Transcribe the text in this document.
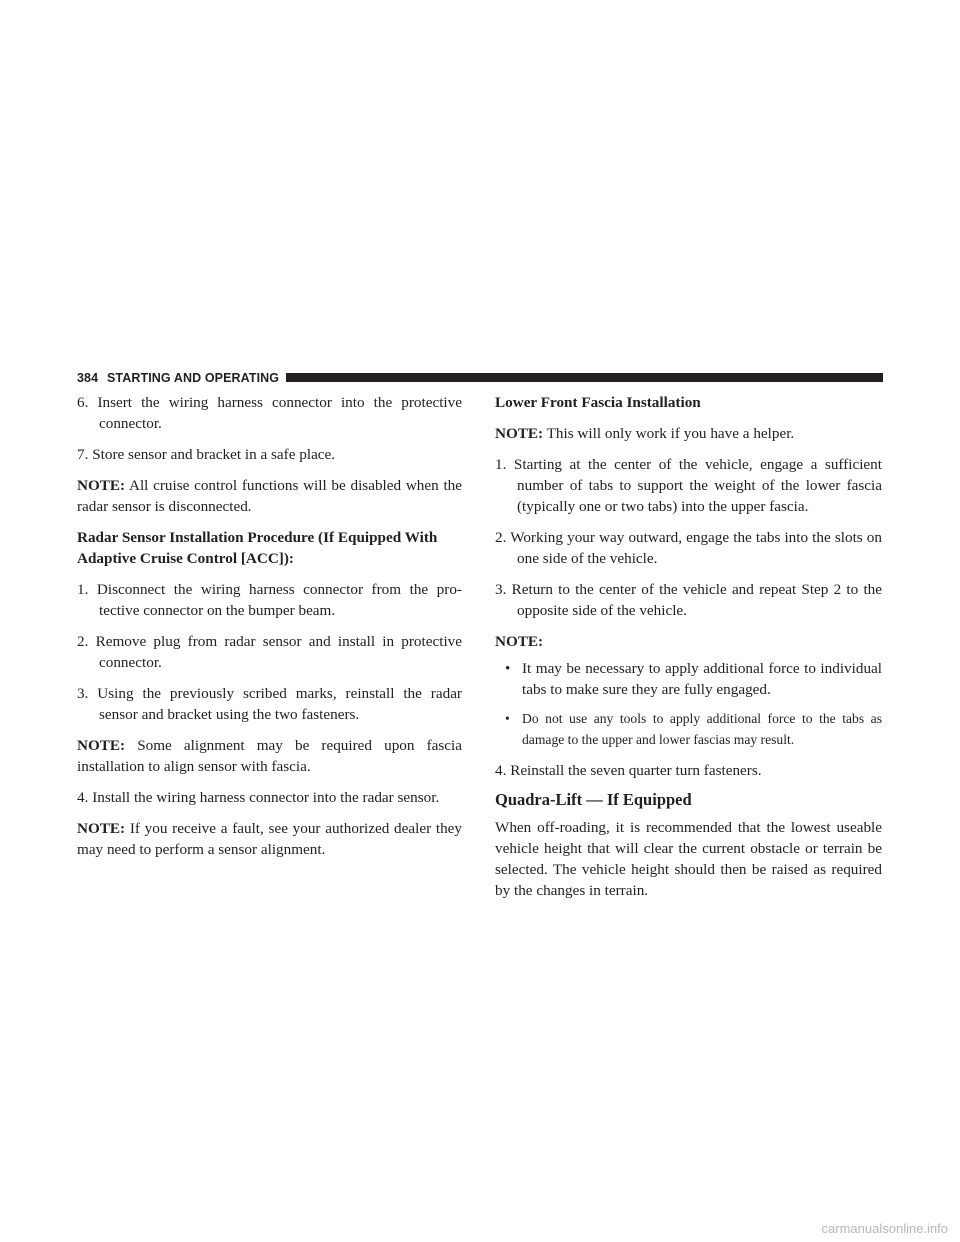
384 STARTING AND OPERATING

6. Insert the wiring harness connector into the protective connector.

7. Store sensor and bracket in a safe place.

NOTE: All cruise control functions will be disabled when the radar sensor is disconnected.

Radar Sensor Installation Procedure (If Equipped With Adaptive Cruise Control [ACC]):

1. Disconnect the wiring harness connector from the pro-tective connector on the bumper beam.

2. Remove plug from radar sensor and install in protective connector.

3. Using the previously scribed marks, reinstall the radar sensor and bracket using the two fasteners.

NOTE: Some alignment may be required upon fascia installation to align sensor with fascia.

4. Install the wiring harness connector into the radar sensor.

NOTE: If you receive a fault, see your authorized dealer they may need to perform a sensor alignment.

Lower Front Fascia Installation

NOTE: This will only work if you have a helper.

1. Starting at the center of the vehicle, engage a sufficient number of tabs to support the weight of the lower fascia (typically one or two tabs) into the upper fascia.

2. Working your way outward, engage the tabs into the slots on one side of the vehicle.

3. Return to the center of the vehicle and repeat Step 2 to the opposite side of the vehicle.

NOTE:

• It may be necessary to apply additional force to individual tabs to make sure they are fully engaged.
• Do not use any tools to apply additional force to the tabs as damage to the upper and lower fascias may result.

4. Reinstall the seven quarter turn fasteners.

Quadra-Lift — If Equipped

When off-roading, it is recommended that the lowest useable vehicle height that will clear the current obstacle or terrain be selected. The vehicle height should then be raised as required by the changes in terrain.

carmanualsonline.info
